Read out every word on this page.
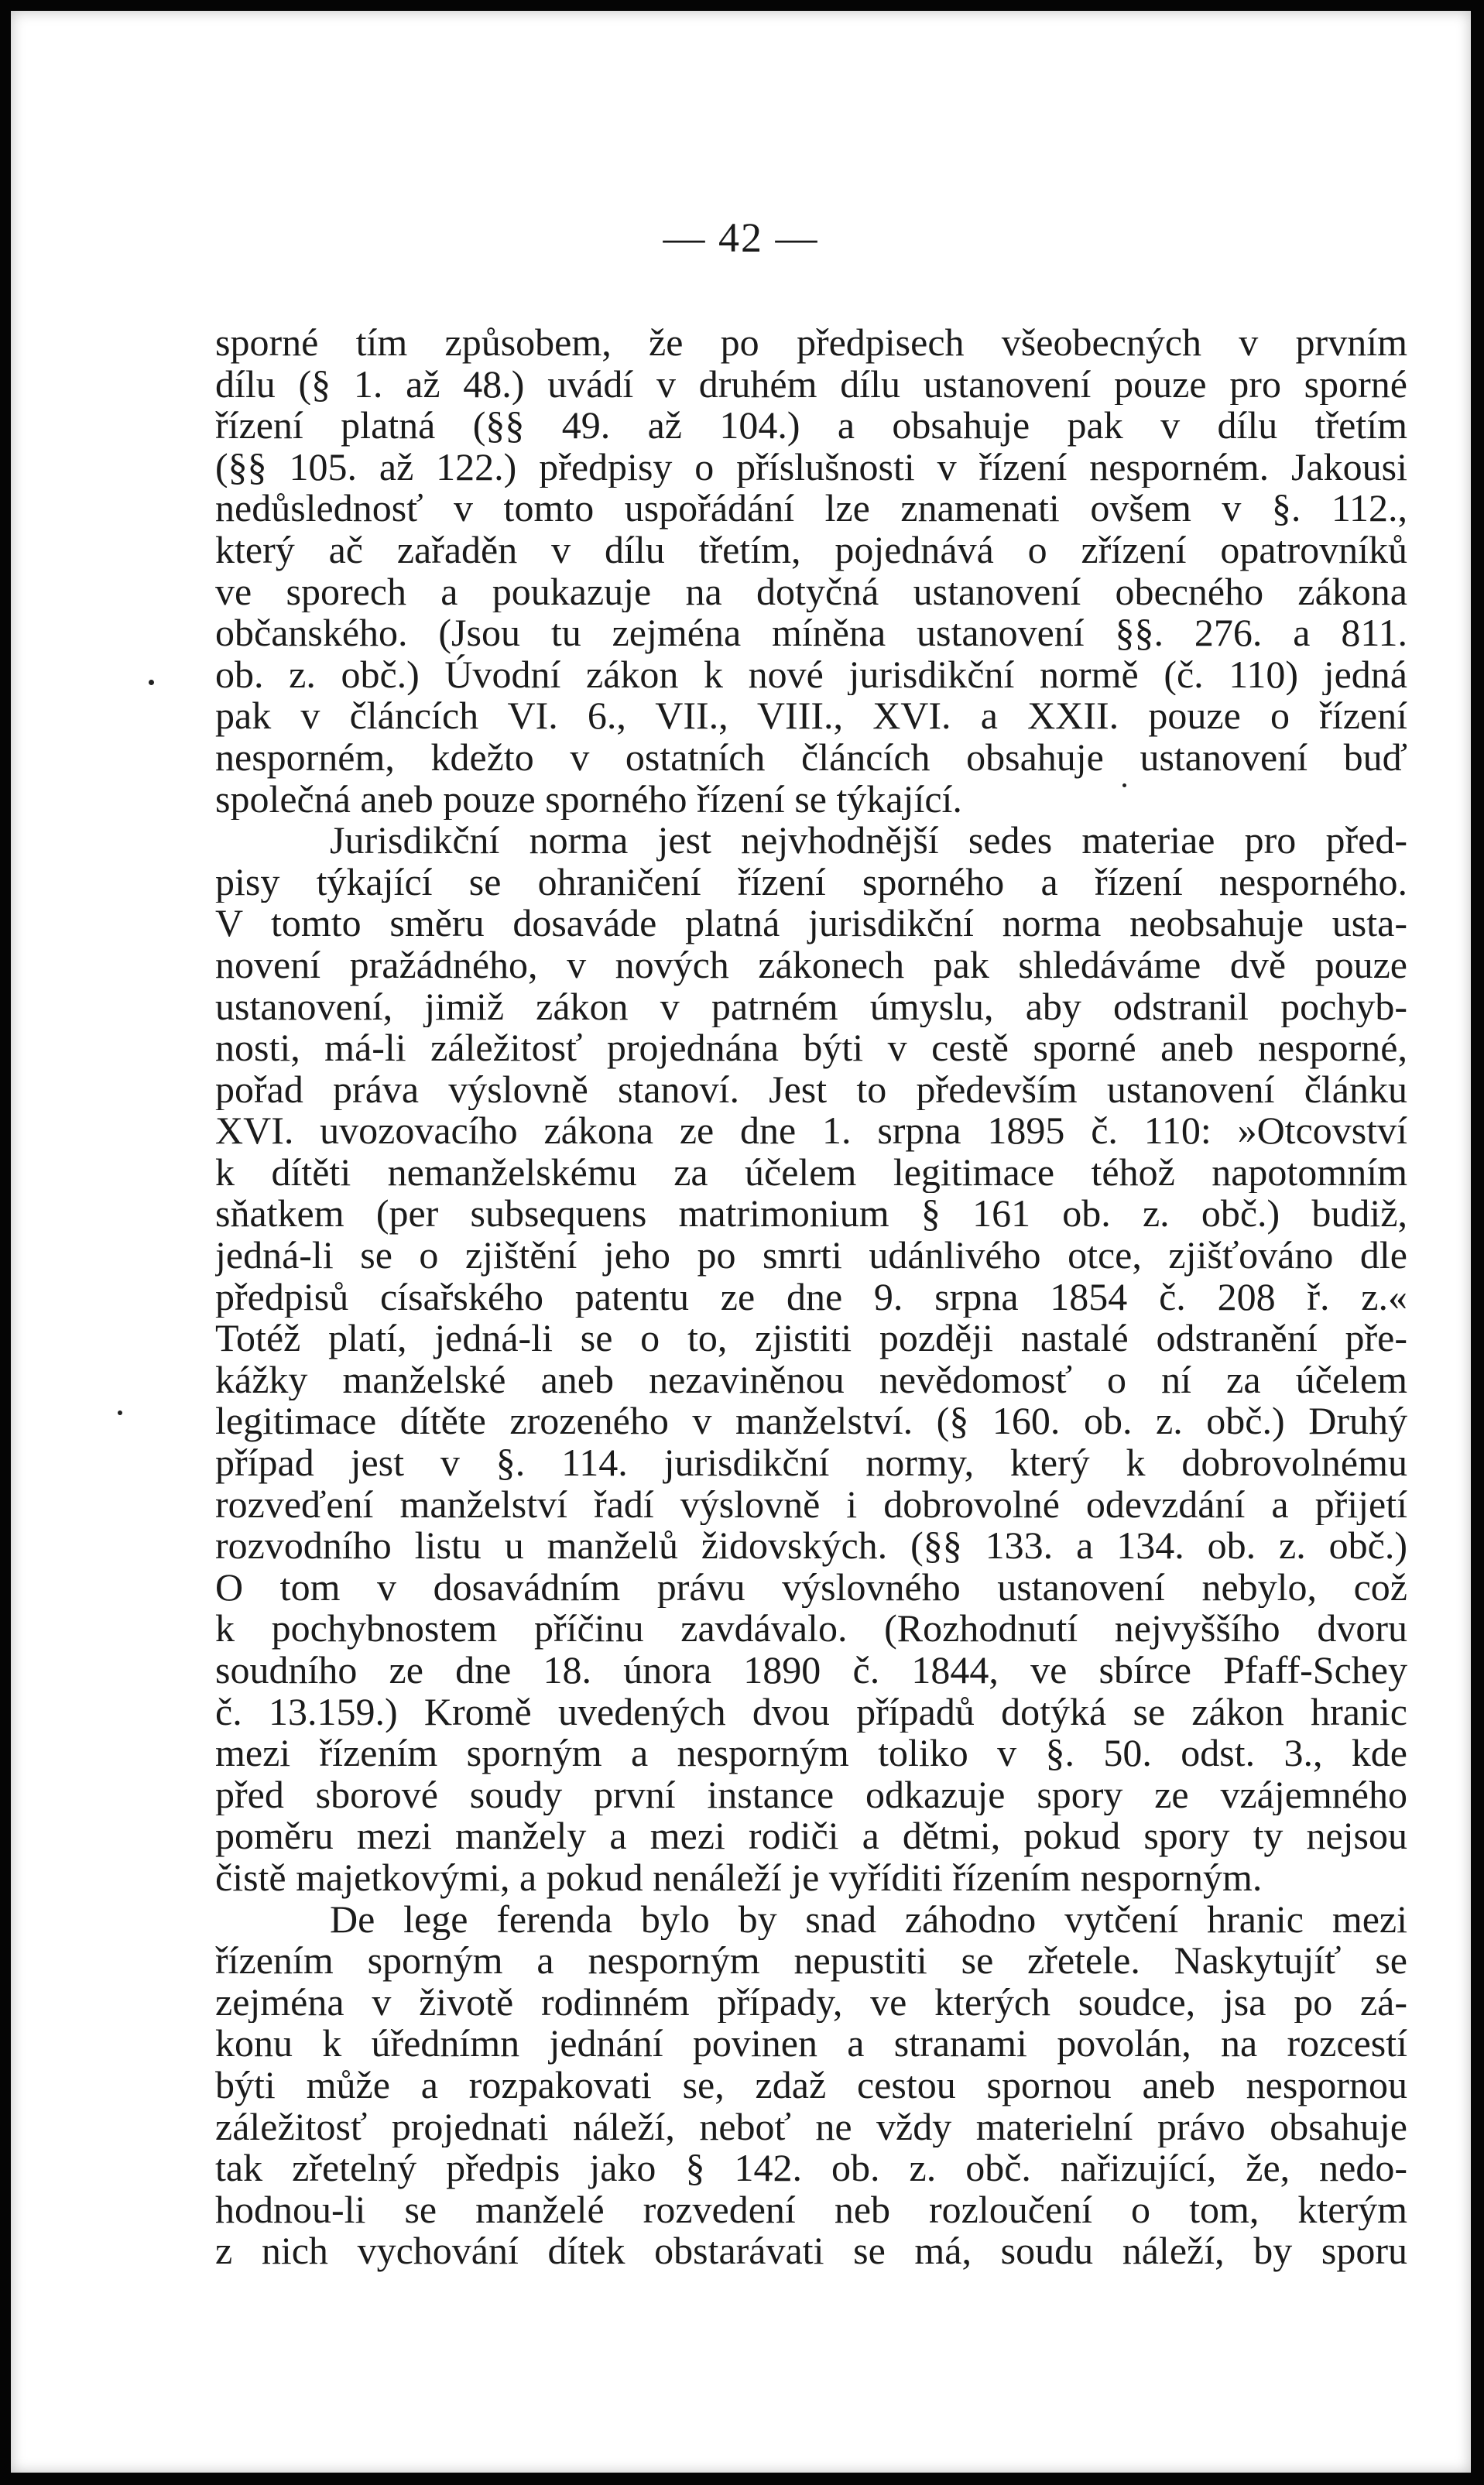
— 42 —
sporné tím způsobem, že po předpisech všeobecných v prvním
dílu (§ 1. až 48.) uvádí v druhém dílu ustanovení pouze pro sporné
řízení platná (§§ 49. až 104.) a obsahuje pak v dílu třetím
(§§ 105. až 122.) předpisy o příslušnosti v řízení nesporném. Jakousi
nedůslednosť v tomto uspořádání lze znamenati ovšem v §. 112.,
který ač zařaděn v dílu třetím, pojednává o zřízení opatrovníků
ve sporech a poukazuje na dotyčná ustanovení obecného zákona
občanského. (Jsou tu zejména míněna ustanovení §§. 276. a 811.
ob. z. obč.) Úvodní zákon k nové jurisdikční normě (č. 110) jedná
pak v článcích VI. 6., VII., VIII., XVI. a XXII. pouze o řízení
nesporném, kdežto v ostatních článcích obsahuje ustanovení buď
společná aneb pouze sporného řízení se týkající.
Jurisdikční norma jest nejvhodnější sedes materiae pro před-
pisy týkající se ohraničení řízení sporného a řízení nesporného.
V tomto směru dosaváde platná jurisdikční norma neobsahuje usta-
novení pražádného, v nových zákonech pak shledáváme dvě pouze
ustanovení, jimiž zákon v patrném úmyslu, aby odstranil pochyb-
nosti, má-li záležitosť projednána býti v cestě sporné aneb nesporné,
pořad práva výslovně stanoví. Jest to především ustanovení článku
XVI. uvozovacího zákona ze dne 1. srpna 1895 č. 110: »Otcovství
k dítěti nemanželskému za účelem legitimace téhož napotomním
sňatkem (per subsequens matrimonium § 161 ob. z. obč.) budiž,
jedná-li se o zjištění jeho po smrti udánlivého otce, zjišťováno dle
předpisů císařského patentu ze dne 9. srpna 1854 č. 208 ř. z.«
Totéž platí, jedná-li se o to, zjistiti později nastalé odstranění pře-
kážky manželské aneb nezaviněnou nevědomosť o ní za účelem
legitimace dítěte zrozeného v manželství. (§ 160. ob. z. obč.) Druhý
případ jest v §. 114. jurisdikční normy, který k dobrovolnému
rozveďení manželství řadí výslovně i dobrovolné odevzdání a přijetí
rozvodního listu u manželů židovských. (§§ 133. a 134. ob. z. obč.)
O tom v dosavádním právu výslovného ustanovení nebylo, což
k pochybnostem příčinu zavdávalo. (Rozhodnutí nejvyššího dvoru
soudního ze dne 18. února 1890 č. 1844, ve sbírce Pfaff-Schey
č. 13.159.) Kromě uvedených dvou případů dotýká se zákon hranic
mezi řízením sporným a nesporným toliko v §. 50. odst. 3., kde
před sborové soudy první instance odkazuje spory ze vzájemného
poměru mezi manžely a mezi rodiči a dětmi, pokud spory ty nejsou
čistě majetkovými, a pokud nenáleží je vyříditi řízením nesporným.
De lege ferenda bylo by snad záhodno vytčení hranic mezi
řízením sporným a nesporným nepustiti se zřetele. Naskytujíť se
zejména v životě rodinném případy, ve kterých soudce, jsa po zá-
konu k úřednímn jednání povinen a stranami povolán, na rozcestí
býti může a rozpakovati se, zdaž cestou spornou aneb nespornou
záležitosť projednati náleží, neboť ne vždy materielní právo obsahuje
tak zřetelný předpis jako § 142. ob. z. obč. nařizující, že, nedo-
hodnou-li se manželé rozvedení neb rozloučení o tom, kterým
z nich vychování dítek obstarávati se má, soudu náleží, by sporu
